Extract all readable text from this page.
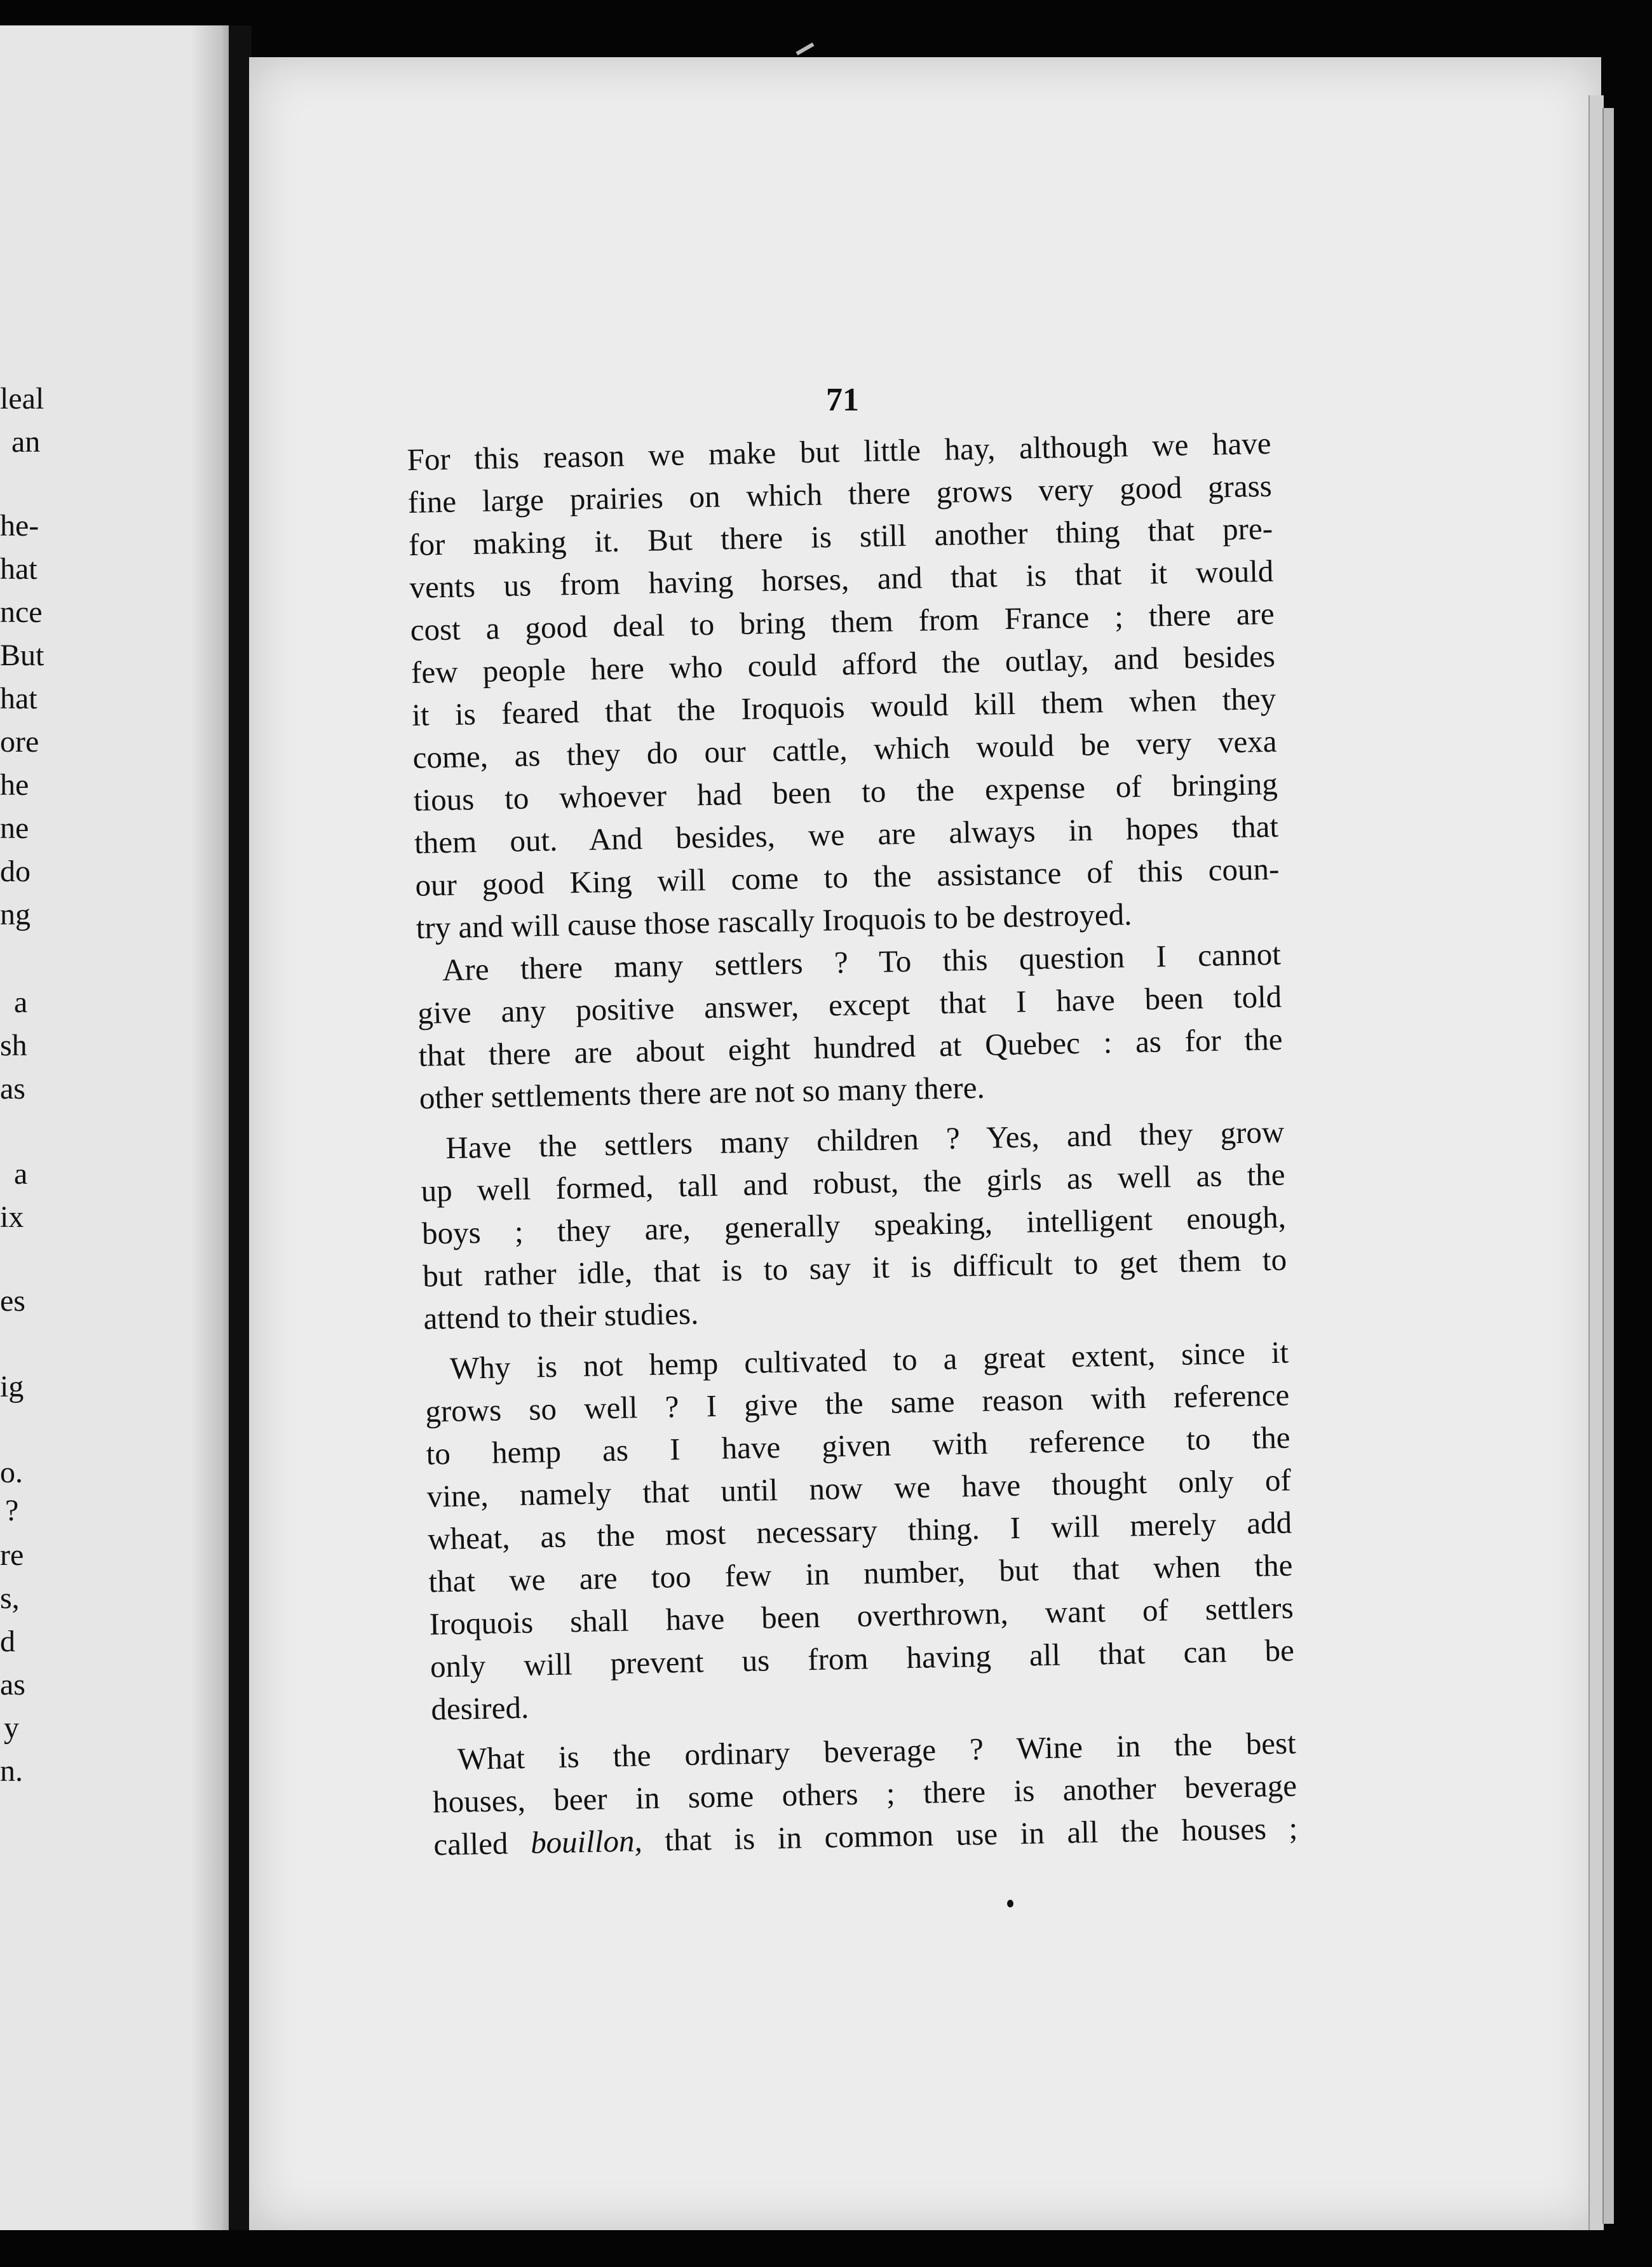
leal
an
he-
hat
nce
But
hat
ore
he
ne
do
ng
a
sh
as
a
ix
es
ig
o.
?
re
s,
d
as
y
n.
71
For this reason we make but little hay, although we have
fine large prairies on which there grows very good grass
for making it. But there is still another thing that pre-
vents us from having horses, and that is that it would
cost a good deal to bring them from France ; there are
few people here who could afford the outlay, and besides
it is feared that the Iroquois would kill them when they
come, as they do our cattle, which would be very vexa
tious to whoever had been to the expense of bringing
them out. And besides, we are always in hopes that
our good King will come to the assistance of this coun-
try and will cause those rascally Iroquois to be destroyed.
Are there many settlers ? To this question I cannot
give any positive answer, except that I have been told
that there are about eight hundred at Quebec : as for the
other settlements there are not so many there.
Have the settlers many children ? Yes, and they grow
up well formed, tall and robust, the girls as well as the
boys ; they are, generally speaking, intelligent enough,
but rather idle, that is to say it is difficult to get them to
attend to their studies.
Why is not hemp cultivated to a great extent, since it
grows so well ? I give the same reason with reference
to hemp as I have given with reference to the
vine, namely that until now we have thought only of
wheat, as the most necessary thing. I will merely add
that we are too few in number, but that when the
Iroquois shall have been overthrown, want of settlers
only will prevent us from having all that can be
desired.
What is the ordinary beverage ? Wine in the best
houses, beer in some others ; there is another beverage
called bouillon, that is in common use in all the houses ;
